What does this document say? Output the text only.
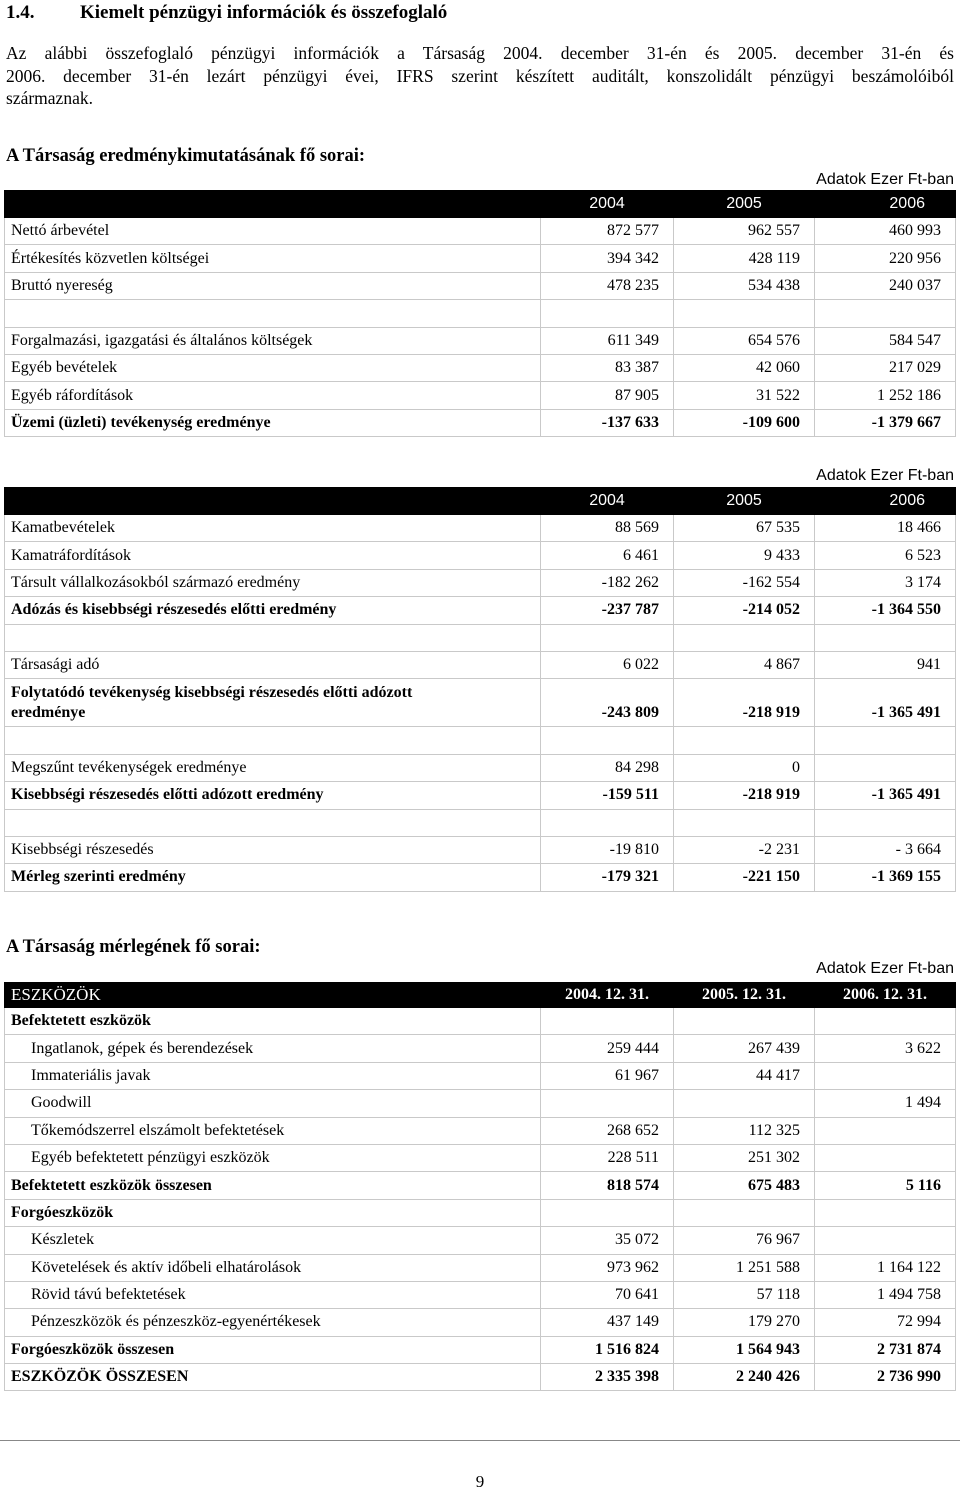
1.4. Kiemelt pénzügyi információk és összefoglaló

Az alábbi összefoglaló pénzügyi információk a Társaság 2004. december 31-én és 2005. december 31-én és

2006. december 31-én lezárt pénzügyi évei, IFRS szerint készített auditált, konszolidált pénzügyi beszámolóiból

származnak.

A Társaság eredménykimutatásának fő sorai:
Adatok Ezer Ft-ban
	2004	2005	2006
Nettó árbevétel	872 577	962 557	460 993
Értékesítés közvetlen költségei	394 342	428 119	220 956
Bruttó nyereség	478 235	534 438	240 037

Forgalmazási, igazgatási és általános költségek	611 349	654 576	584 547
Egyéb bevételek	83 387	42 060	217 029
Egyéb ráfordítások	87 905	31 522	1 252 186
Üzemi (üzleti) tevékenység eredménye	-137 633	-109 600	-1 379 667
Adatok Ezer Ft-ban
	2004	2005	2006
Kamatbevételek	88 569	67 535	18 466
Kamatráfordítások	6 461	9 433	6 523
Társult vállalkozásokból származó eredmény	-182 262	-162 554	3 174
Adózás és kisebbségi részesedés előtti eredmény	-237 787	-214 052	-1 364 550

Társasági adó	6 022	4 867	941
Folytatódó tevékenység kisebbségi részesedés előtti adózott
eredménye	-243 809	-218 919	-1 365 491

Megszűnt tevékenységek eredménye	84 298	0	
Kisebbségi részesedés előtti adózott eredmény	-159 511	-218 919	-1 365 491

Kisebbségi részesedés	-19 810	-2 231	- 3 664
Mérleg szerinti eredmény	-179 321	-221 150	-1 369 155
A Társaság mérlegének fő sorai:
Adatok Ezer Ft-ban
ESZKÖZÖK	2004. 12. 31.	2005. 12. 31.	2006. 12. 31.
Befektetett eszközök			
Ingatlanok, gépek és berendezések	259 444	267 439	3 622
Immateriális javak	61 967	44 417	
Goodwill			1 494
Tőkemódszerrel elszámolt befektetések	268 652	112 325	
Egyéb befektetett pénzügyi eszközök	228 511	251 302	
Befektetett eszközök összesen	818 574	675 483	5 116
Forgóeszközök			
Készletek	35 072	76 967	
Követelések és aktív időbeli elhatárolások	973 962	1 251 588	1 164 122
Rövid távú befektetések	70 641	57 118	1 494 758
Pénzeszközök és pénzeszköz-egyenértékesek	437 149	179 270	72 994
Forgóeszközök összesen	1 516 824	1 564 943	2 731 874
ESZKÖZÖK ÖSSZESEN	2 335 398	2 240 426	2 736 990
9
